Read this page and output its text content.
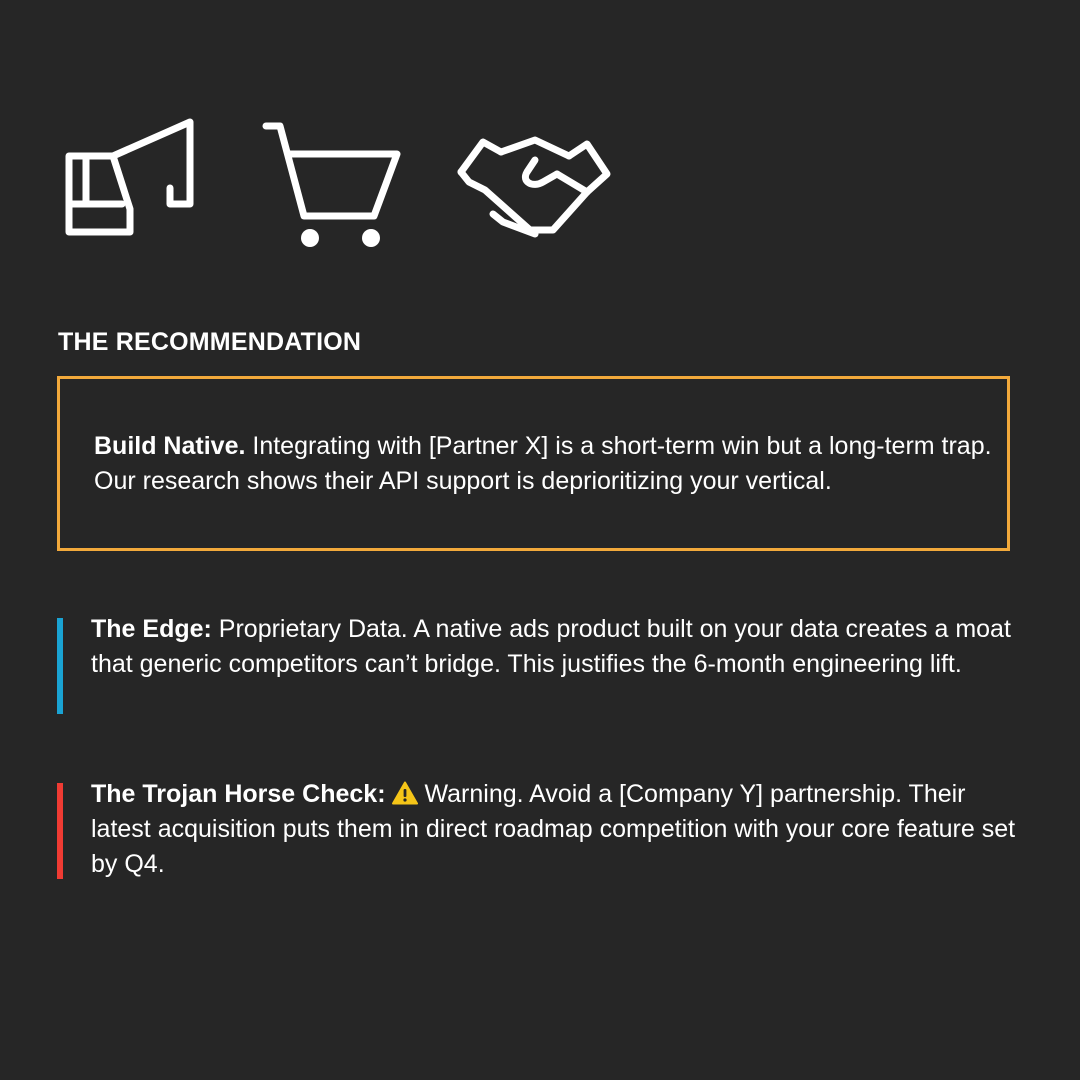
THE RECOMMENDATION

Build Native. Integrating with [Partner X] is a short-term win but a long-term trap. Our research shows their API support is deprioritizing your vertical.

The Edge: Proprietary Data. A native ads product built on your data creates a moat that generic competitors can’t bridge. This justifies the 6-month engineering lift.

The Trojan Horse Check: Warning. Avoid a [Company Y] partnership. Their latest acquisition puts them in direct roadmap competition with your core feature set by Q4.
